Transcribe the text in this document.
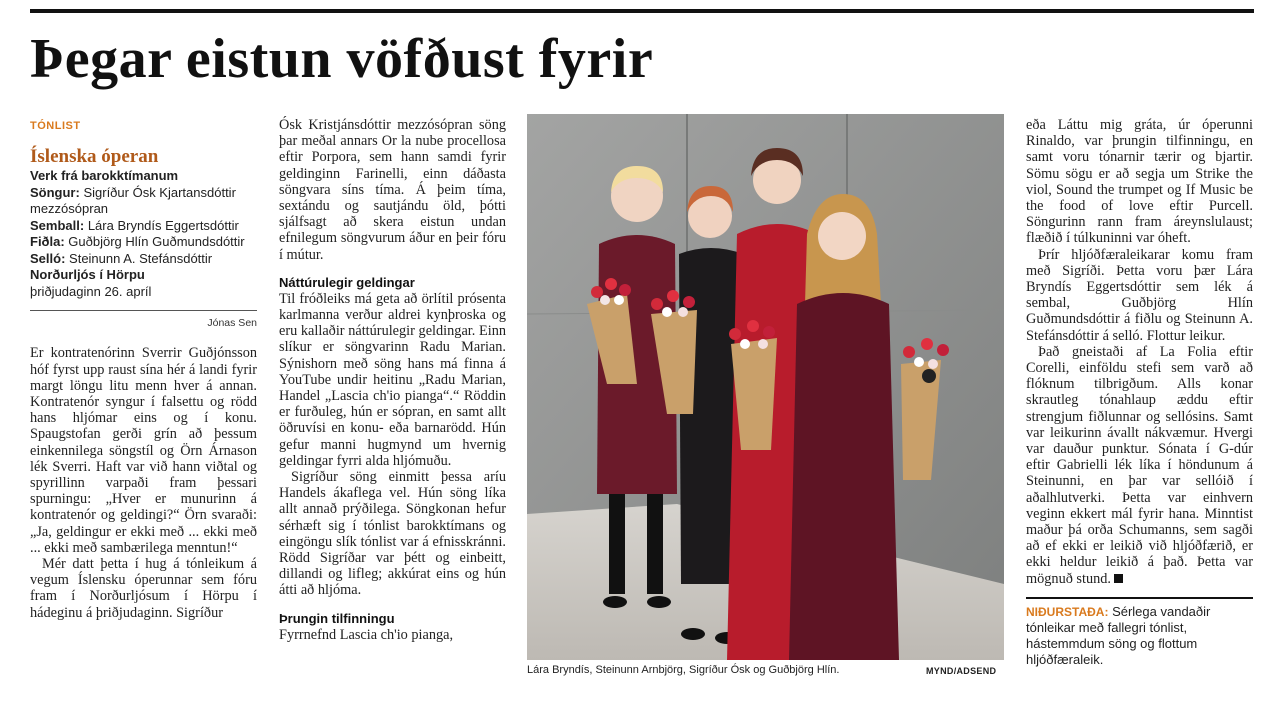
Þegar eistun vöfðust fyrir
TÓNLIST
Íslenska óperan
Verk frá barokktímanum
Söngur: Sigríður Ósk Kjartansdóttir mezzósópran
Semball: Lára Bryndís Eggertsdóttir
Fiðla: Guðbjörg Hlín Guðmundsdóttir
Selló: Steinunn A. Stefánsdóttir
Norðurljós í Hörpu
þriðjudaginn 26. apríl
Jónas Sen

Er kontratenórinn Sverrir Guðjónsson hóf fyrst upp raust sína hér á landi fyrir margt löngu litu menn hver á annan. Kontratenór syngur í falsettu og rödd hans hljómar eins og í konu. Spaugstofan gerði grín að þessum einkennilega söngstíl og Örn Árnason lék Sverri. Haft var við hann viðtal og spyrillinn varpaði fram þessari spurningu: „Hver er munurinn á kontratenór og geldingi?“ Örn svaraði: „Ja, geldingur er ekki með ... ekki með ... ekki með sambærilega menntun!“

Mér datt þetta í hug á tónleikum á vegum Íslensku óperunnar sem fóru fram í Norðurljósum í Hörpu í hádeginu á þriðjudaginn. Sigríður

Ósk Kristjánsdóttir mezzósópran söng þar meðal annars Or la nube procellosa eftir Porpora, sem hann samdi fyrir geldinginn Farinelli, einn dáðasta söngvara síns tíma. Á þeim tíma, sextándu og sautjándu öld, þótti sjálfsagt að skera eistun undan efnilegum söngvurum áður en þeir fóru í mútur.

Náttúrulegir geldingar

Til fróðleiks má geta að örlítil prósenta karlmanna verður aldrei kynþroska og eru kallaðir náttúrulegir geldingar. Einn slíkur er söngvarinn Radu Marian. Sýnishorn með söng hans má finna á YouTube undir heitinu „Radu Marian, Handel „Lascia ch'io pianga“.“ Röddin er furðuleg, hún er sópran, en samt allt öðruvísi en konu- eða barnarödd. Hún gefur manni hugmynd um hvernig geldingar fyrri alda hljómuðu.

Sigríður söng einmitt þessa aríu Handels ákaflega vel. Hún söng líka allt annað prýðilega. Söngkonan hefur sérhæft sig í tónlist barokktímans og eingöngu slík tónlist var á efnisskránni. Rödd Sigríðar var þétt og einbeitt, dillandi og lifleg; akkúrat eins og hún átti að hljóma.

Þrungin tilfinningu

Fyrrnefnd Lascia ch'io pianga,

Lára Bryndís, Steinunn Arnbjörg, Sigríður Ósk og Guðbjörg Hlín.	MYND/ADSEND

eða Láttu mig gráta, úr óperunni Rinaldo, var þrungin tilfinningu, en samt voru tónarnir tærir og bjartir. Sömu sögu er að segja um Strike the viol, Sound the trumpet og If Music be the food of love eftir Purcell. Söngurinn rann fram áreynslulaust; flæðið í túlkuninni var óheft.

Þrír hljóðfæraleikarar komu fram með Sigríði. Þetta voru þær Lára Bryndís Eggertsdóttir sem lék á sembal, Guðbjörg Hlín Guðmundsdóttir á fiðlu og Steinunn A. Stefánsdóttir á selló. Flottur leikur.

Það gneistaði af La Folia eftir Corelli, einföldu stefi sem varð að flóknum tilbrigðum. Alls konar skrautleg tónahlaup æddu eftir strengjum fiðlunnar og sellósins. Samt var leikurinn ávallt nákvæmur. Hvergi var dauður punktur. Sónata í G-dúr eftir Gabrielli lék líka í höndunum á Steinunni, en þar var sellóið í aðalhlutverki. Þetta var einhvern veginn ekkert mál fyrir hana. Minntist maður þá orða Schumanns, sem sagði að ef ekki er leikið við hljóðfærið, er ekki heldur leikið á það. Þetta var mögnuð stund.

NIÐURSTAÐA: Sérlega vandaðir tónleikar með fallegri tónlist, hástemmdum söng og flottum hljóðfæraleik.
